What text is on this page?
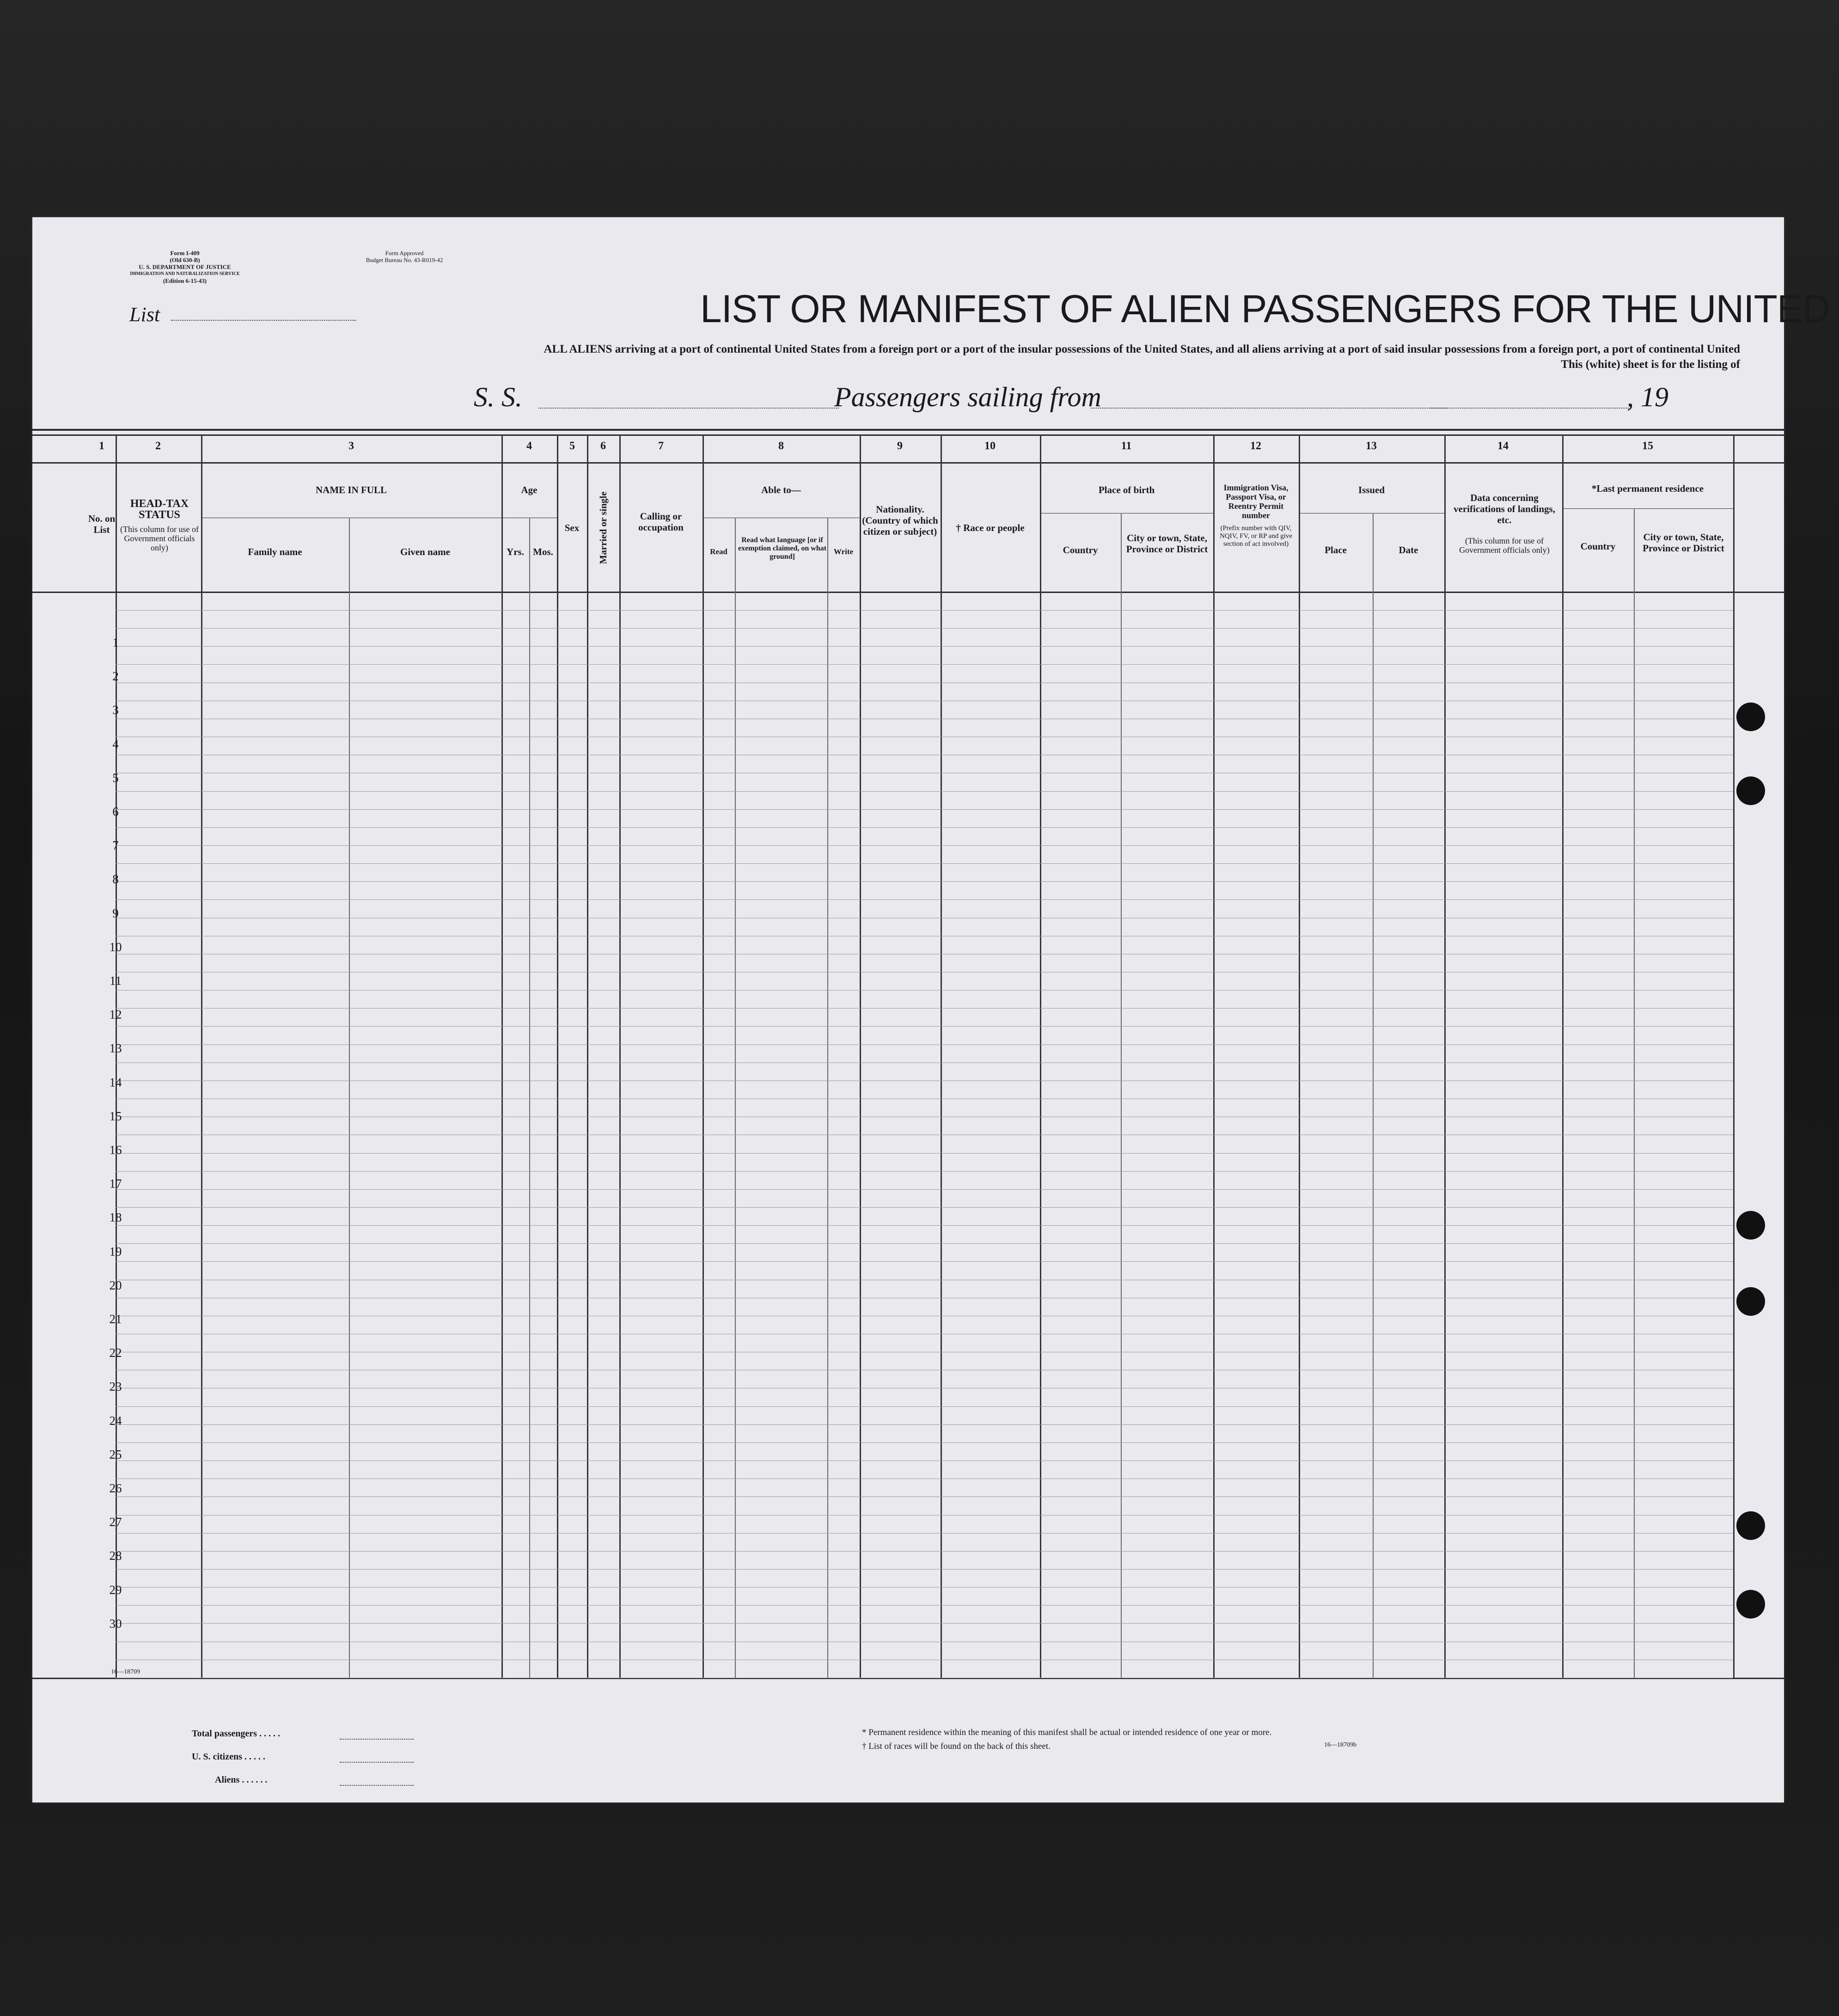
Form I-409
(Old 630-B)
U. S. DEPARTMENT OF JUSTICE
IMMIGRATION AND NATURALIZATION SERVICE
(Edition 6-15-43)
Form Approved
Budget Bureau No. 43-R019-42
List	LIST OR MANIFEST OF ALIEN PASSENGERS FOR THE UNITED
ALL ALIENS arriving at a port of continental United States from a foreign port or a port of the insular possessions of the United States, and all aliens arriving at a port of said insular possessions from a foreign port, a port of continental United
This (white) sheet is for the listing of
S. S.	Passengers sailing from	, 19
1	2	3	4	5	6	7	8	9	10	11	12	13	14	15
No. on List
HEAD-TAX STATUS
(This column for use of Government officials only)
NAME IN FULL
Family name	Given name
Age
Yrs. Mos.
Sex	Married or single	Calling or occupation
Able to—
Read
Read what language [or if exemption claimed, on what ground]
Write
Nationality. (Country of which citizen or subject)	† Race or people
Place of birth
Country
City or town, State, Province or District
Immigration Visa, Passport Visa, or Reentry Permit number
(Prefix number with QIV, NQIV, FV, or RP and give section of act involved)
Issued
Place	Date
Data concerning verifications of landings, etc.
(This column for use of Government officials only)
*Last permanent residence
Country
City or town, State, Province or District
1
2
3
4
5
6
7
8
9
10
11
12
13
14
15
16
17
18
19
20
21
22
23
24
25
26
27
28
29
30
16—18709
Total passengers . . . . .
U. S. citizens . . . . .
Aliens . . . . . .
* Permanent residence within the meaning of this manifest shall be actual or intended residence of one year or more.
† List of races will be found on the back of this sheet.	16—18709b
